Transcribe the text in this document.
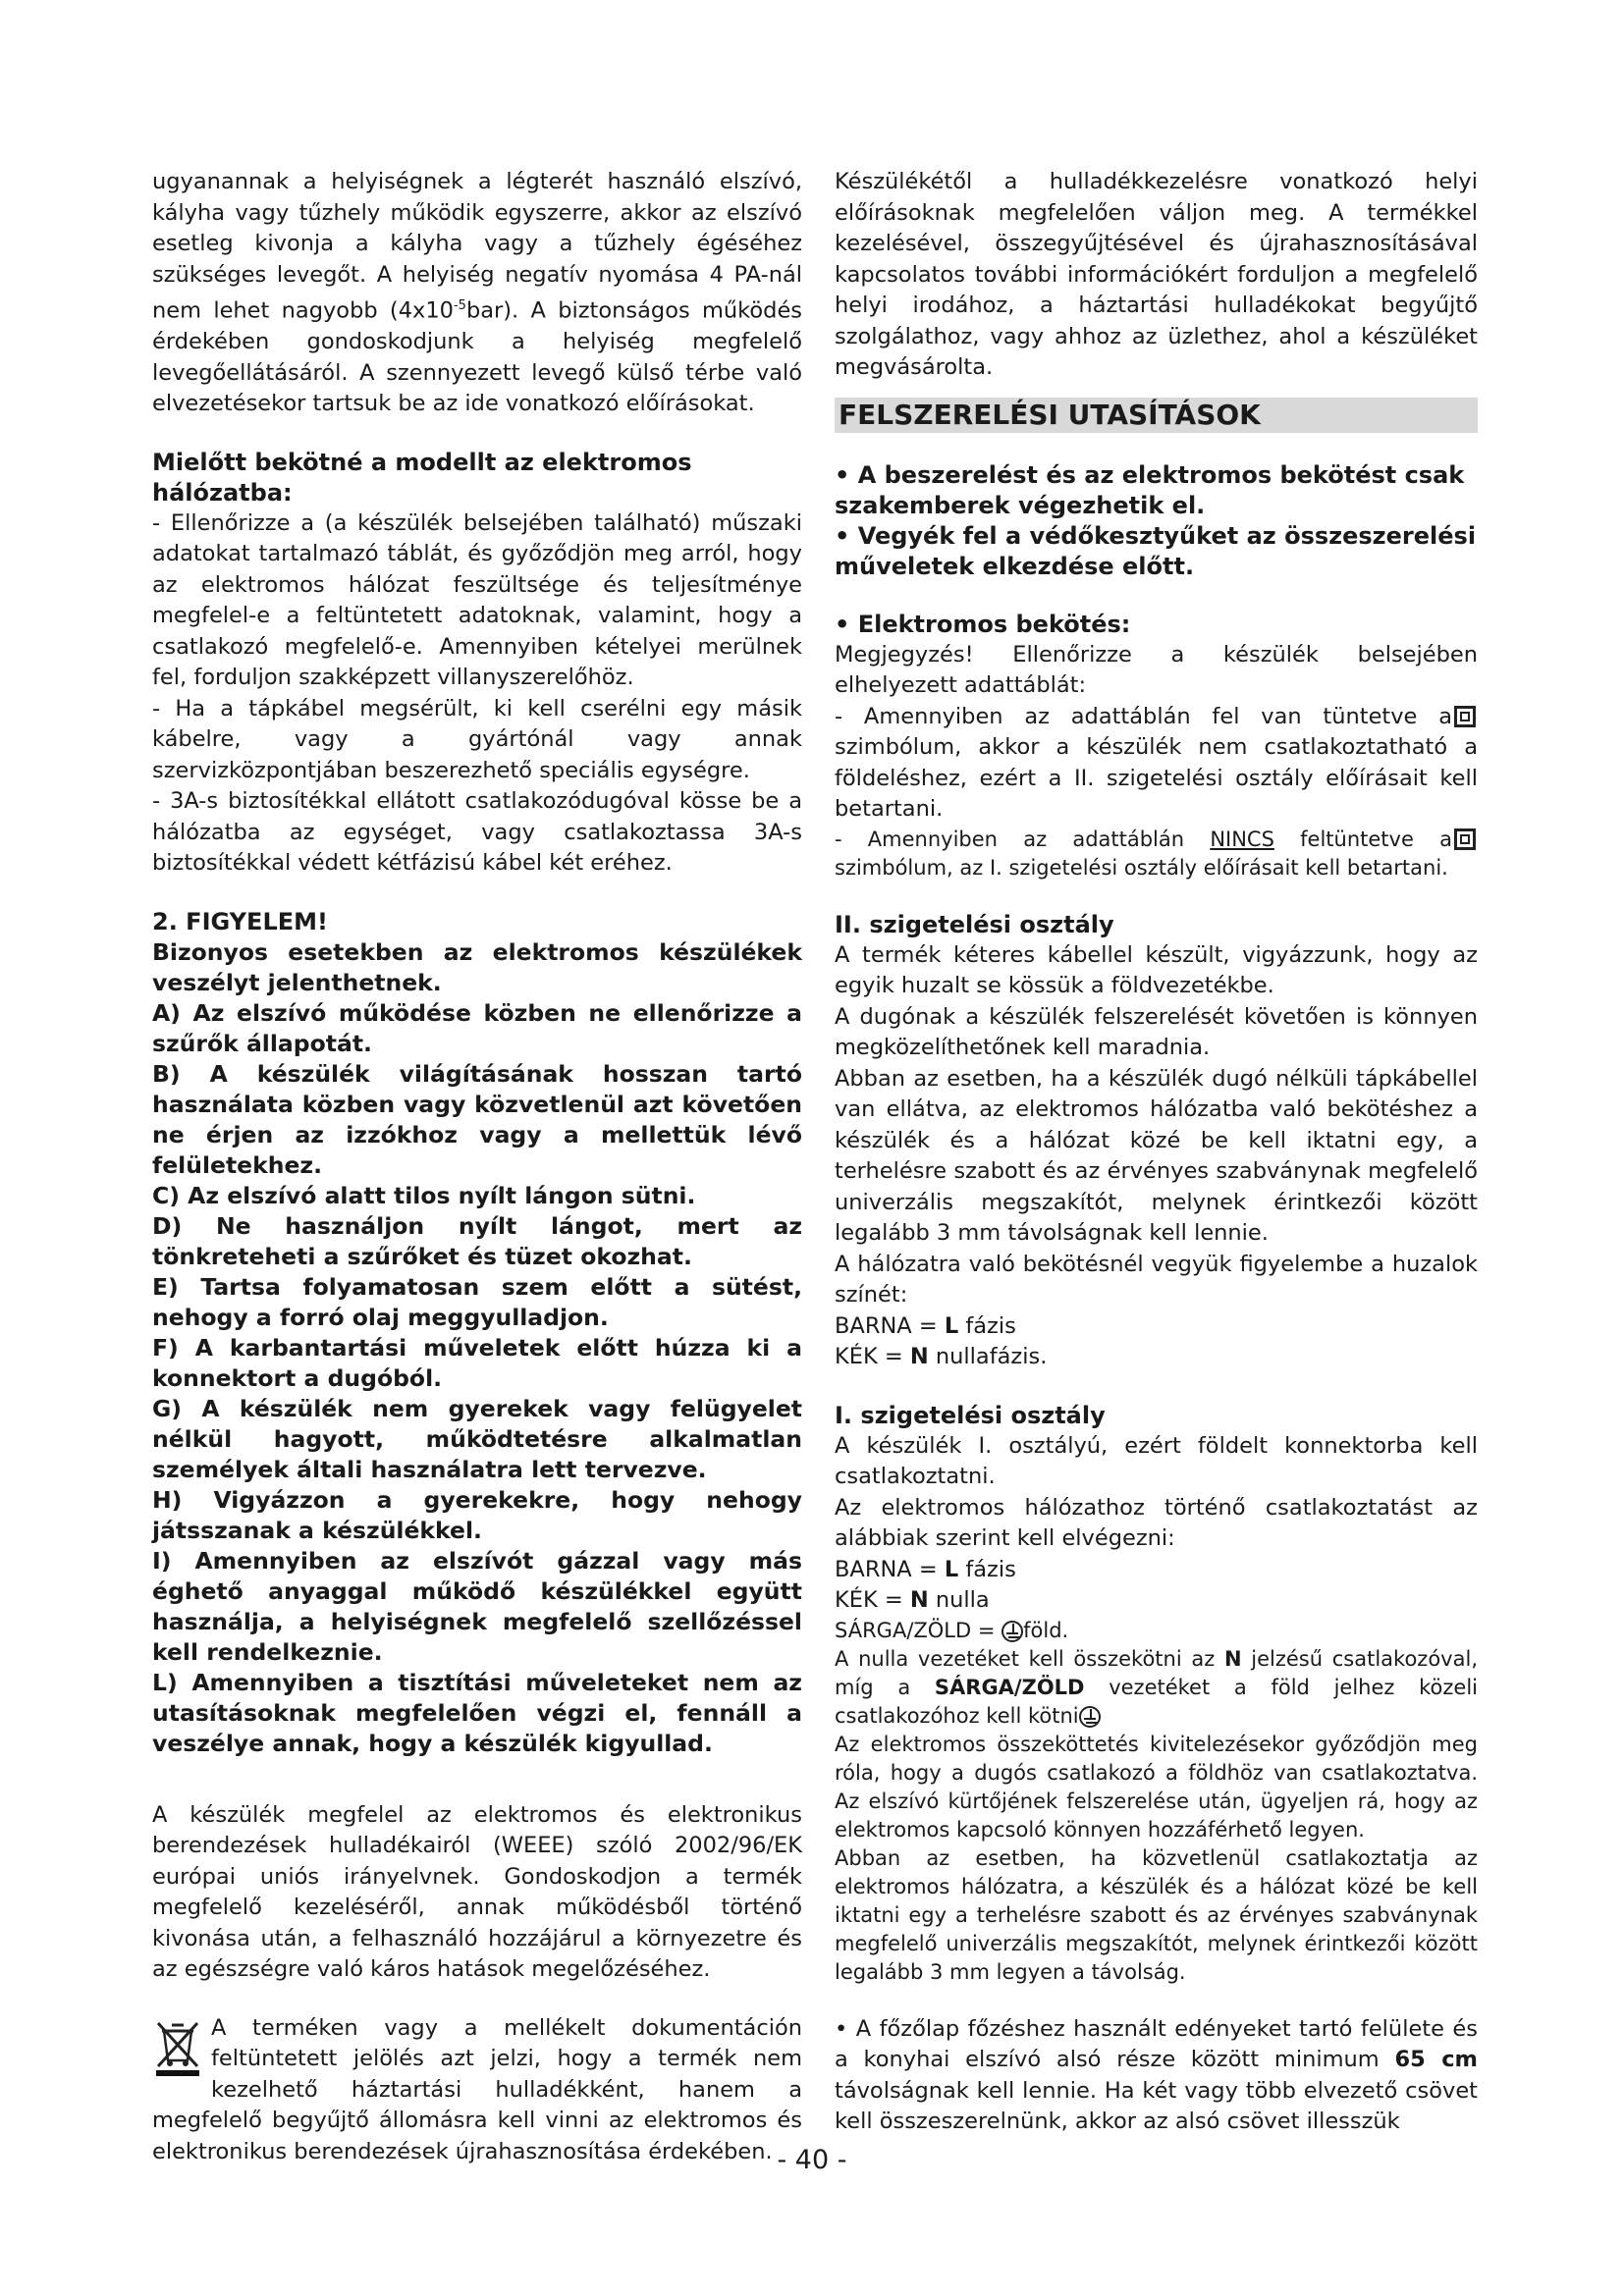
ugyanannak a helyiségnek a légterét használó elszívó, kályha vagy tűzhely működik egyszerre, akkor az elszívó esetleg kivonja a kályha vagy a tűzhely égéséhez szükséges levegőt. A helyiség negatív nyomása 4 PA-nál nem lehet nagyobb $(4x10^{-5}bar)$. A biztonságos működés érdekében gondoskodjunk a helyiség megfelelő levegőellátásáról. A szennyezett levegő külső térbe való elvezetésekor tartsuk be az ide vonatkozó előírásokat.

Mielőtt bekötné a modellt az elektromos hálózatba:

- Ellenőrizze a (a készülék belsejében található) műszaki adatokat tartalmazó táblát, és győződjön meg arról, hogy az elektromos hálózat feszültsége és teljesítménye megfelel-e a feltüntetett adatoknak, valamint, hogy a csatlakozó megfelelő-e. Amennyiben kételyei merülnek fel, forduljon szakképzett villanyszerelőhöz.

- Ha a tápkábel megsérült, ki kell cserélni egy másik kábelre, vagy a gyártónál vagy annak szervizközpontjában beszerezhető speciális egységre.

- 3A-s biztosítékkal ellátott csatlakozódugóval kösse be a hálózatba az egységet, vagy csatlakoztassa 3A-s biztosítékkal védett kétfázisú kábel két eréhez.

2. FIGYELEM!

Bizonyos esetekben az elektromos készülékek veszélyt jelenthetnek.

A) Az elszívó működése közben ne ellenőrizze a szűrők állapotát.

B) A készülék világításának hosszan tartó használata közben vagy közvetlenül azt követően ne érjen az izzókhoz vagy a mellettük lévő felületekhez.

C) Az elszívó alatt tilos nyílt lángon sütni.

D) Ne használjon nyílt lángot, mert az tönkreteheti a szűrőket és tüzet okozhat.

E) Tartsa folyamatosan szem előtt a sütést, nehogy a forró olaj meggyulladjon.

F) A karbantartási műveletek előtt húzza ki a konnektort a dugóból.

G) A készülék nem gyerekek vagy felügyelet nélkül hagyott, működtetésre alkalmatlan személyek általi használatra lett tervezve.

H) Vigyázzon a gyerekekre, hogy nehogy játsszanak a készülékkel.

I) Amennyiben az elszívót gázzal vagy más éghető anyaggal működő készülékkel együtt használja, a helyiségnek megfelelő szellőzéssel kell rendelkeznie.

L) Amennyiben a tisztítási műveleteket nem az utasításoknak megfelelően végzi el, fennáll a veszélye annak, hogy a készülék kigyullad.

A készülék megfelel az elektromos és elektronikus berendezések hulladékairól (WEEE) szóló 2002/96/EK európai uniós irányelvnek. Gondoskodjon a termék megfelelő kezeléséről, annak működésből történő kivonása után, a felhasználó hozzájárul a környezetre és az egészségre való káros hatások megelőzéséhez.

A terméken vagy a mellékelt dokumentáción feltüntetett jelölés azt jelzi, hogy a termék nem kezelhető háztartási hulladékként, hanem a megfelelő begyűjtő állomásra kell vinni az elektromos és elektronikus berendezések újrahasznosítása érdekében.

Készülékétől a hulladékkezelésre vonatkozó helyi előírásoknak megfelelően váljon meg. A termékkel kezelésével, összegyűjtésével és újrahasznosításával kapcsolatos további információkért forduljon a megfelelő helyi irodához, a háztartási hulladékokat begyűjtő szolgálathoz, vagy ahhoz az üzlethez, ahol a készüléket megvásárolta.

FELSZERELÉSI UTASÍTÁSOK

• A beszerelést és az elektromos bekötést csak szakemberek végezhetik el.

• Vegyék fel a védőkesztyűket az összeszerelési műveletek elkezdése előtt.

• Elektromos bekötés:

Megjegyzés! Ellenőrizze a készülék belsejében elhelyezett adattáblát:

- Amennyiben az adattáblán fel van tüntetve a szimbólum, akkor a készülék nem csatlakoztatható a földeléshez, ezért a II. szigetelési osztály előírásait kell betartani.

- Amennyiben az adattáblán NINCS feltüntetve a szimbólum, az I. szigetelési osztály előírásait kell betartani.

II. szigetelési osztály

A termék kéteres kábellel készült, vigyázzunk, hogy az egyik huzalt se kössük a földvezetékbe.

A dugónak a készülék felszerelését követően is könnyen megközelíthetőnek kell maradnia.

Abban az esetben, ha a készülék dugó nélküli tápkábellel van ellátva, az elektromos hálózatba való bekötéshez a készülék és a hálózat közé be kell iktatni egy, a terhelésre szabott és az érvényes szabványnak megfelelő univerzális megszakítót, melynek érintkezői között legalább 3 mm távolságnak kell lennie.

A hálózatra való bekötésnél vegyük figyelembe a huzalok színét:

BARNA = L fázis

KÉK = N nullafázis.

I. szigetelési osztály

A készülék I. osztályú, ezért földelt konnektorba kell csatlakoztatni.

Az elektromos hálózathoz történő csatlakoztatást az alábbiak szerint kell elvégezni:

BARNA = L fázis

KÉK = N nulla

SÁRGA/ZÖLD = föld.

A nulla vezetéket kell összekötni az N jelzésű csatlakozóval, míg a SÁRGA/ZÖLD vezetéket a föld jelhez közeli csatlakozóhoz kell kötni

Az elektromos összeköttetés kivitelezésekor győződjön meg róla, hogy a dugós csatlakozó a földhöz van csatlakoztatva. Az elszívó kürtőjének felszerelése után, ügyeljen rá, hogy az elektromos kapcsoló könnyen hozzáférhető legyen.

Abban az esetben, ha közvetlenül csatlakoztatja az elektromos hálózatra, a készülék és a hálózat közé be kell iktatni egy a terhelésre szabott és az érvényes szabványnak megfelelő univerzális megszakítót, melynek érintkezői között legalább 3 mm legyen a távolság.

• A főzőlap főzéshez használt edényeket tartó felülete és a konyhai elszívó alsó része között minimum 65 cm távolságnak kell lennie. Ha két vagy több elvezető csövet kell összeszerelnünk, akkor az alsó csövet illesszük

- 40 -
